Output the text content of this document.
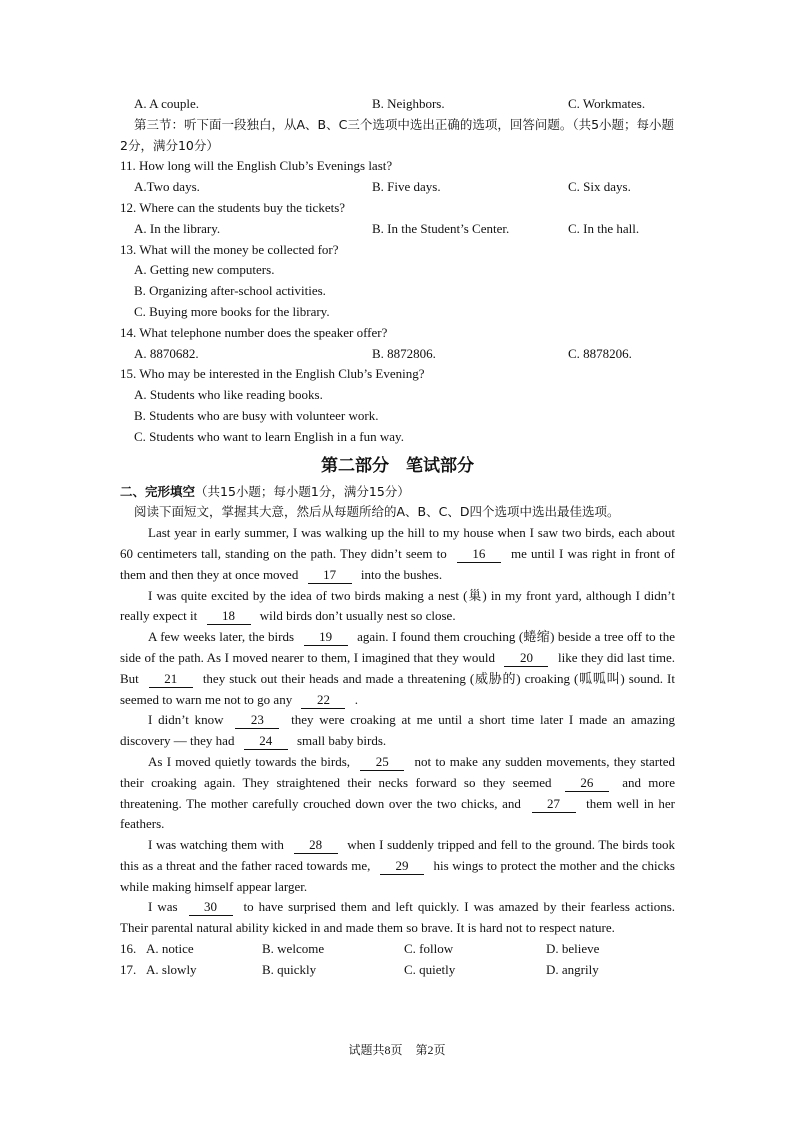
A. A couple.	B. Neighbors.	C. Workmates.

第三节：听下面一段独白，从A、B、C三个选项中选出正确的选项，回答问题。（共5小题；每小题2分，满分10分）

11. How long will the English Club’s Evenings last?
A.Two days.	B. Five days.	C. Six days.
12. Where can the students buy the tickets?
A. In the library.	B. In the Student’s Center.	C. In the hall.
13. What will the money be collected for?
A. Getting new computers.
B. Organizing after-school activities.
C. Buying more books for the library.
14. What telephone number does the speaker offer?
A. 8870682.	B. 8872806.	C. 8878206.
15. Who may be interested in the English Club’s Evening?
A. Students who like reading books.
B. Students who are busy with volunteer work.
C. Students who want to learn English in a fun way.
第二部分　笔试部分

二、完形填空（共15小题；每小题1分，满分15分）

阅读下面短文，掌握其大意，然后从每题所给的A、B、C、D四个选项中选出最佳选项。

Last year in early summer, I was walking up the hill to my house when I saw two birds, each about 60 centimeters tall, standing on the path. They didn’t seem to 16 me until I was right in front of them and then they at once moved 17 into the bushes.

I was quite excited by the idea of two birds making a nest (巢) in my front yard, although I didn’t really expect it 18 wild birds don’t usually nest so close.

A few weeks later, the birds 19 again. I found them crouching (蜷缩) beside a tree off to the side of the path. As I moved nearer to them, I imagined that they would 20 like they did last time. But 21 they stuck out their heads and made a threatening (威胁的) croaking (呱呱叫) sound. It seemed to warn me not to go any 22 .

I didn’t know 23 they were croaking at me until a short time later I made an amazing discovery — they had 24 small baby birds.

As I moved quietly towards the birds, 25 not to make any sudden movements, they started their croaking again. They straightened their necks forward so they seemed 26 and more threatening. The mother carefully crouched down over the two chicks, and 27 them well in her feathers.

I was watching them with 28 when I suddenly tripped and fell to the ground. The birds took this as a threat and the father raced towards me, 29 his wings to protect the mother and the chicks while making himself appear larger.

I was 30 to have surprised them and left quickly. I was amazed by their fearless actions. Their parental natural ability kicked in and made them so brave. It is hard not to respect nature.

16. A. notice	B. welcome	C. follow	D. believe
17. A. slowly	B. quickly	C. quietly	D. angrily
试题共8页 第2页
